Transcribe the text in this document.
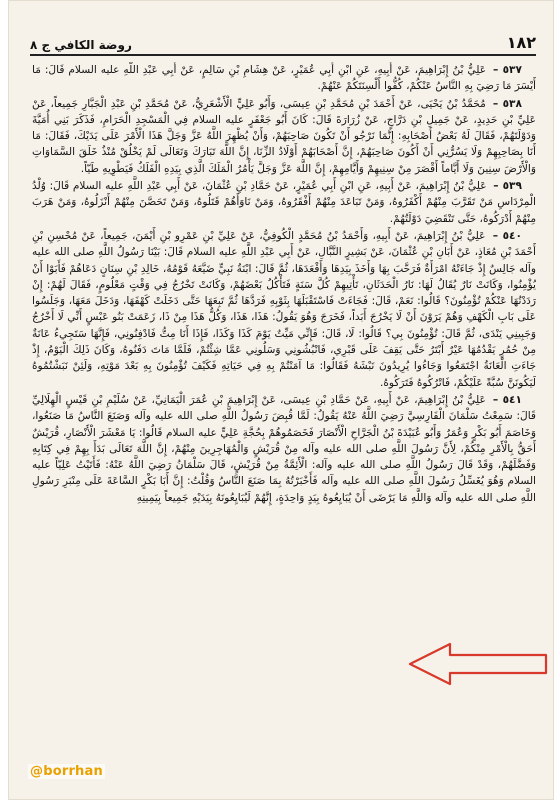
١٨٢
روضة الكافي ج ٨

٥٣٧ – عَلِيُّ بْنُ إِبْرَاهِيمَ، عَنْ أَبِيهِ، عَنِ ابْنِ أَبِي عُمَيْرٍ، عَنْ هِشَامِ بْنِ سَالِمٍ، عَنْ أَبِي عَبْدِ اللَّهِ عليه السلام قَالَ: مَا أَيْسَرَ مَا رَضِيَ بِهِ النَّاسُ عَنْكُمْ، كُفُّوا أَلْسِنَتَكُمْ عَنْهُمْ.

٥٣٨ – مُحَمَّدُ بْنُ يَحْيَى، عَنْ أَحْمَدَ بْنِ مُحَمَّدِ بْنِ عِيسَى، وَأَبُو عَلِيٍّ الْأَشْعَرِيُّ، عَنْ مُحَمَّدِ بْنِ عَبْدِ الْجَبَّارِ جَمِيعاً، عَنْ عَلِيِّ بْنِ حَدِيدٍ، عَنْ جَمِيلِ بْنِ دَرَّاجٍ، عَنْ زُرَارَةَ قَالَ: كَانَ أَبُو جَعْفَرٍ عليه السلام فِي الْمَسْجِدِ الْحَرَامِ، فَذَكَرَ بَنِي أُمَيَّةَ وَدَوْلَتَهُمْ، فَقَالَ لَهُ بَعْضُ أَصْحَابِهِ: إِنَّمَا نَرْجُو أَنْ تَكُونَ صَاحِبَهُمْ، وَأَنْ يُظْهِرَ اللَّهُ عَزَّ وَجَلَّ هَذَا الْأَمْرَ عَلَى يَدَيْكَ، فَقَالَ: مَا أَنَا بِصَاحِبِهِمْ وَلَا يَسُرُّنِي أَنْ أَكُونَ صَاحِبَهُمْ، إِنَّ أَصْحَابَهُمْ أَوْلَادُ الزِّنَا، إِنَّ اللَّهَ تَبَارَكَ وَتَعَالَى لَمْ يَخْلُقْ مُنْذُ خَلَقَ السَّمَاوَاتِ وَالْأَرْضَ سِنِينَ وَلَا أَيَّاماً أَقْصَرَ مِنْ سِنِيهِمْ وَأَيَّامِهِمْ، إِنَّ اللَّهَ عَزَّ وَجَلَّ يَأْمُرُ الْمَلَكَ الَّذِي بِيَدِهِ الْفَلَكُ فَيَطْوِيهِ طَيّاً.

٥٣٩ – عَلِيُّ بْنُ إِبْرَاهِيمَ، عَنْ أَبِيهِ، عَنِ ابْنِ أَبِي عُمَيْرٍ، عَنْ حَمَّادِ بْنِ عُثْمَانَ، عَنْ أَبِي عَبْدِ اللَّهِ عليه السلام قَالَ: وُلْدُ الْمِرْدَاسِ مَنْ تَقَرَّبَ مِنْهُمْ أَكْفَرُوهُ، وَمَنْ تَبَاعَدَ مِنْهُمْ أَفْقَرُوهُ، وَمَنْ نَاوَأَهُمْ قَتَلُوهُ، وَمَنْ تَحَصَّنَ مِنْهُمْ أَنْزَلُوهُ، وَمَنْ هَرَبَ مِنْهُمْ أَدْرَكُوهُ، حَتَّى تَنْقَضِيَ دَوْلَتُهُمْ.

٥٤٠ – عَلِيُّ بْنُ إِبْرَاهِيمَ، عَنْ أَبِيهِ، وَأَحْمَدُ بْنُ مُحَمَّدٍ الْكُوفِيُّ، عَنْ عَلِيِّ بْنِ عَمْرِو بْنِ أَيْمَنَ، جَمِيعاً، عَنْ مُحْسِنِ بْنِ أَحْمَدَ بْنِ مُعَاذٍ، عَنْ أَبَانِ بْنِ عُثْمَانَ، عَنْ بَشِيرٍ النَّبَّالِ، عَنْ أَبِي عَبْدِ اللَّهِ عليه السلام قَالَ: بَيْنَا رَسُولُ اللَّهِ صلى الله عليه وآله جَالِسٌ إِذْ جَاءَتْهُ امْرَأَةٌ فَرَحَّبَ بِهَا وَأَخَذَ بِيَدِهَا وَأَقْعَدَهَا، ثُمَّ قَالَ: ابْنَةُ نَبِيٍّ ضَيَّعَهُ قَوْمُهُ، خَالِدِ بْنِ سِنَانٍ دَعَاهُمْ فَأَبَوْا أَنْ يُؤْمِنُوا، وَكَانَتْ نَارٌ يُقَالُ لَهَا: نَارُ الْحَدَثَانِ، تَأْتِيهِمْ كُلَّ سَنَةٍ فَتَأْكُلُ بَعْضَهُمْ، وَكَانَتْ تَخْرُجُ فِي وَقْتٍ مَعْلُومٍ، فَقَالَ لَهُمْ: إِنْ رَدَدْتُهَا عَنْكُمْ تُؤْمِنُونَ؟ قَالُوا: نَعَمْ، قَالَ: فَجَاءَتْ فَاسْتَقْبَلَهَا بِثَوْبِهِ فَرَدَّهَا ثُمَّ تَبِعَهَا حَتَّى دَخَلَتْ كَهْفَهَا، وَدَخَلَ مَعَهَا، وَجَلَسُوا عَلَى بَابِ الْكَهْفِ وَهُمْ يَرَوْنَ أَنْ لَا يَخْرُجَ أَبَداً، فَخَرَجَ وَهُوَ يَقُولُ: هَذَا، هَذَا، وَكُلُّ هَذَا مِنْ ذَا، زَعَمَتْ بَنُو عَبْسٍ أَنِّي لَا أَخْرُجُ وَجَبِينِي يَنْدَى، ثُمَّ قَالَ: تُؤْمِنُونَ بِي؟ قَالُوا: لَا، قَالَ: فَإِنِّي مَيِّتٌ يَوْمَ كَذَا وَكَذَا، فَإِذَا أَنَا مِتُّ فَادْفِنُونِي، فَإِنَّهَا سَتَجِيءُ عَانَةٌ مِنْ حُمُرٍ يَقْدُمُهَا عَيْرٌ أَبْتَرُ حَتَّى يَقِفَ عَلَى قَبْرِي، فَانْبُشُونِي وَسَلُونِي عَمَّا شِئْتُمْ، فَلَمَّا مَاتَ دَفَنُوهُ، وَكَانَ ذَلِكَ الْيَوْمُ، إِذْ جَاءَتِ الْعَانَةُ اجْتَمَعُوا وَجَاءُوا يُرِيدُونَ نَبْشَهُ فَقَالُوا: مَا آمَنْتُمْ بِهِ فِي حَيَاتِهِ فَكَيْفَ تُؤْمِنُونَ بِهِ بَعْدَ مَوْتِهِ، وَلَئِنْ نَبَشْتُمُوهُ لَيَكُونَنَّ سُبَّةً عَلَيْكُمْ، فَاتْرُكُوهُ فَتَرَكُوهُ.

٥٤١ – عَلِيُّ بْنُ إِبْرَاهِيمَ، عَنْ أَبِيهِ، عَنْ حَمَّادِ بْنِ عِيسَى، عَنْ إِبْرَاهِيمَ بْنِ عُمَرَ الْيَمَانِيِّ، عَنْ سُلَيْمِ بْنِ قَيْسٍ الْهِلَالِيِّ قَالَ: سَمِعْتُ سَلْمَانَ الْفَارِسِيَّ رَضِيَ اللَّهُ عَنْهُ يَقُولُ: لَمَّا قُبِضَ رَسُولُ اللَّهِ صلى الله عليه وآله وَصَنَعَ النَّاسُ مَا صَنَعُوا، وَخَاصَمَ أَبُو بَكْرٍ وَعُمَرُ وَأَبُو عُبَيْدَةَ بْنُ الْجَرَّاحِ الْأَنْصَارَ فَخَصَمُوهُمْ بِحُجَّةِ عَلِيٍّ عليه السلام قَالُوا: يَا مَعْشَرَ الْأَنْصَارِ، قُرَيْشٌ أَحَقُّ بِالْأَمْرِ مِنْكُمْ، لِأَنَّ رَسُولَ اللَّهِ صلى الله عليه وآله مِنْ قُرَيْشٍ وَالْمُهَاجِرِينَ مِنْهُمْ، إِنَّ اللَّهَ تَعَالَى بَدَأَ بِهِمْ فِي كِتَابِهِ وَفَضَّلَهُمْ، وَقَدْ قَالَ رَسُولُ اللَّهِ صلى الله عليه وآله: الْأَئِمَّةُ مِنْ قُرَيْشٍ، قَالَ سَلْمَانُ رَضِيَ اللَّهُ عَنْهُ: فَأَتَيْتُ عَلِيّاً عليه السلام وَهُوَ يُغَسِّلُ رَسُولَ اللَّهِ صلى الله عليه وآله فَأَخْبَرْتُهُ بِمَا صَنَعَ النَّاسُ وَقُلْتُ: إِنَّ أَبَا بَكْرٍ السَّاعَةَ عَلَى مِنْبَرِ رَسُولِ اللَّهِ صلى الله عليه وآله وَاللَّهِ مَا يَرْضَى أَنْ يُبَايِعُوهُ بِيَدٍ وَاحِدَةٍ، إِنَّهُمْ لَيُبَايِعُونَهُ بِيَدَيْهِ جَمِيعاً بِيَمِينِهِ

@borrhan
